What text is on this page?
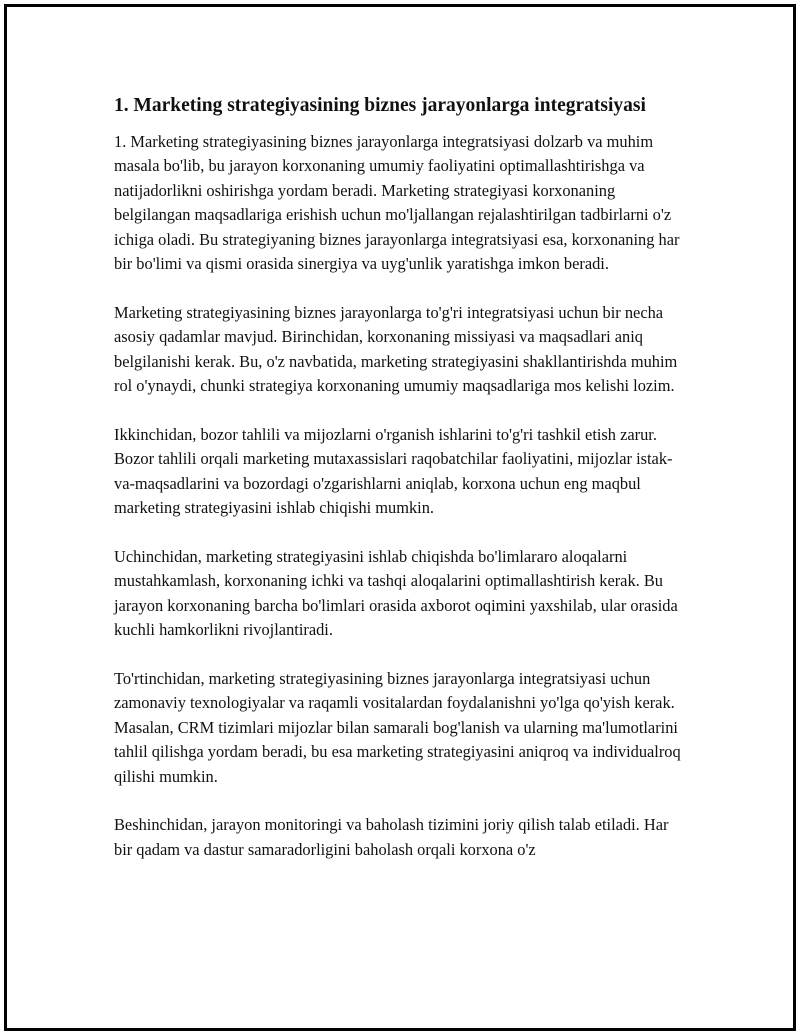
1. Marketing strategiyasining biznes jarayonlarga integratsiyasi

1. Marketing strategiyasining biznes jarayonlarga integratsiyasi dolzarb va muhim masala bo'lib, bu jarayon korxonaning umumiy faoliyatini optimallashtirishga va natijadorlikni oshirishga yordam beradi. Marketing strategiyasi korxonaning belgilangan maqsadlariga erishish uchun mo'ljallangan rejalashtirilgan tadbirlarni o'z ichiga oladi. Bu strategiyaning biznes jarayonlarga integratsiyasi esa, korxonaning har bir bo'limi va qismi orasida sinergiya va uyg'unlik yaratishga imkon beradi.

Marketing strategiyasining biznes jarayonlarga to'g'ri integratsiyasi uchun bir necha asosiy qadamlar mavjud. Birinchidan, korxonaning missiyasi va maqsadlari aniq belgilanishi kerak. Bu, o'z navbatida, marketing strategiyasini shakllantirishda muhim rol o'ynaydi, chunki strategiya korxonaning umumiy maqsadlariga mos kelishi lozim.

Ikkinchidan, bozor tahlili va mijozlarni o'rganish ishlarini to'g'ri tashkil etish zarur. Bozor tahlili orqali marketing mutaxassislari raqobatchilar faoliyatini, mijozlar istak-va-maqsadlarini va bozordagi o'zgarishlarni aniqlab, korxona uchun eng maqbul marketing strategiyasini ishlab chiqishi mumkin.

Uchinchidan, marketing strategiyasini ishlab chiqishda bo'limlararo aloqalarni mustahkamlash, korxonaning ichki va tashqi aloqalarini optimallashtirish kerak. Bu jarayon korxonaning barcha bo'limlari orasida axborot oqimini yaxshilab, ular orasida kuchli hamkorlikni rivojlantiradi.

To'rtinchidan, marketing strategiyasining biznes jarayonlarga integratsiyasi uchun zamonaviy texnologiyalar va raqamli vositalardan foydalanishni yo'lga qo'yish kerak. Masalan, CRM tizimlari mijozlar bilan samarali bog'lanish va ularning ma'lumotlarini tahlil qilishga yordam beradi, bu esa marketing strategiyasini aniqroq va individualroq qilishi mumkin.

Beshinchidan, jarayon monitoringi va baholash tizimini joriy qilish talab etiladi. Har bir qadam va dastur samaradorligini baholash orqali korxona o'z
